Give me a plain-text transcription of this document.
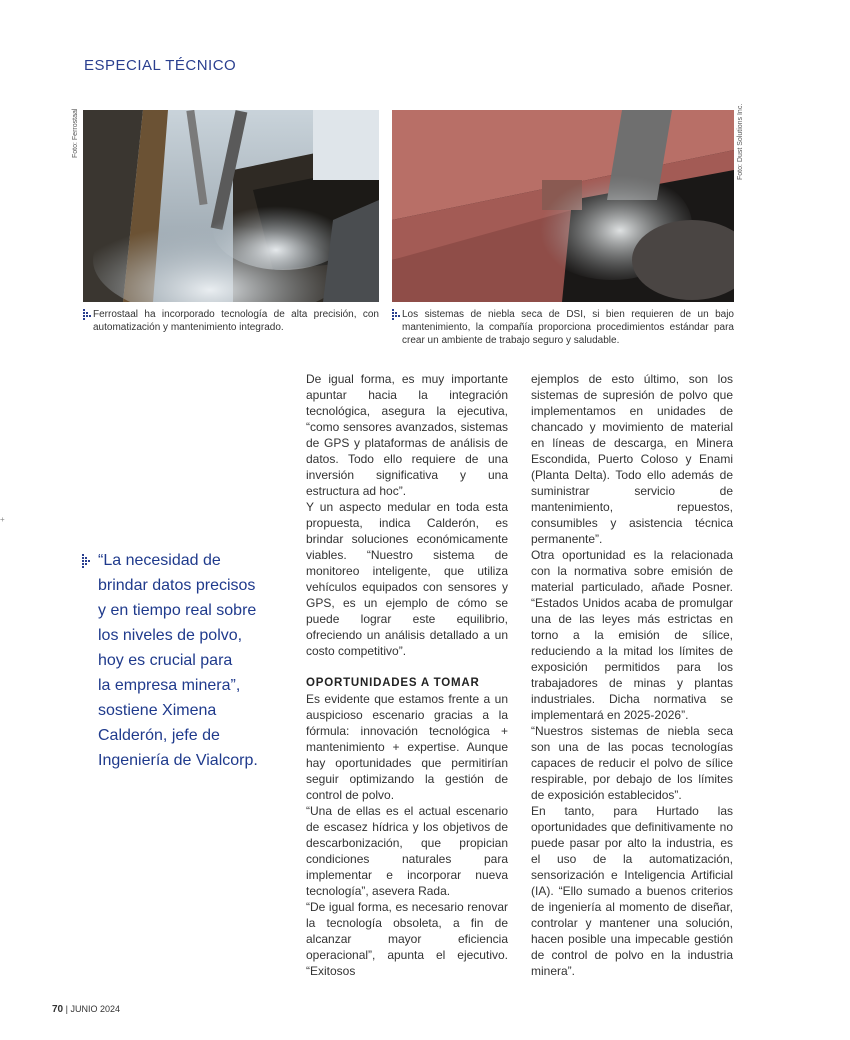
ESPECIAL TÉCNICO
Foto: Ferrostaal	Foto: Dust Solutions Inc.
Ferrostaal ha incorporado tecnología de alta precisión, con automatización y mantenimiento integrado.
Los sistemas de niebla seca de DSI, si bien requieren de un bajo mantenimiento, la compañía proporciona procedimientos estándar para crear un ambiente de trabajo seguro y saludable.
+
“La necesidad de
brindar datos precisos
y en tiempo real sobre
los niveles de polvo,
hoy es crucial para
la empresa minera”,
sostiene Ximena
Calderón, jefe de
Ingeniería de Vialcorp.

De igual forma, es muy importante apuntar hacia la integración tecnológica, asegura la ejecutiva, “como sensores avanzados, sistemas de GPS y plataformas de análisis de datos. Todo ello requiere de una inversión significativa y una estructura ad hoc”.

Y un aspecto medular en toda esta propuesta, indica Calderón, es brindar soluciones económicamente viables. “Nuestro sistema de monitoreo inteligente, que utiliza vehículos equipados con sensores y GPS, es un ejemplo de cómo se puede lograr este equilibrio, ofreciendo un análisis detallado a un costo competitivo”.

OPORTUNIDADES A TOMAR

Es evidente que estamos frente a un auspicioso escenario gracias a la fórmula: innovación tecnológica + mantenimiento + expertise. Aunque hay oportunidades que permitirían seguir optimizando la gestión de control de polvo.

“Una de ellas es el actual escenario de escasez hídrica y los objetivos de descarbonización, que propician condiciones naturales para implementar e incorporar nueva tecnología”, asevera Rada.

“De igual forma, es necesario renovar la tecnología obsoleta, a fin de alcanzar mayor eficiencia operacional”, apunta el ejecutivo. “Exitosos

ejemplos de esto último, son los sistemas de supresión de polvo que implementamos en unidades de chancado y movimiento de material en líneas de descarga, en Minera Escondida, Puerto Coloso y Enami (Planta Delta). Todo ello además de suministrar servicio de mantenimiento, repuestos, consumibles y asistencia técnica permanente”.

Otra oportunidad es la relacionada con la normativa sobre emisión de material particulado, añade Posner. “Estados Unidos acaba de promulgar una de las leyes más estrictas en torno a la emisión de sílice, reduciendo a la mitad los límites de exposición permitidos para los trabajadores de minas y plantas industriales. Dicha normativa se implementará en 2025-2026”.

“Nuestros sistemas de niebla seca son una de las pocas tecnologías capaces de reducir el polvo de sílice respirable, por debajo de los límites de exposición establecidos”.

En tanto, para Hurtado las oportunidades que definitivamente no puede pasar por alto la industria, es el uso de la automatización, sensorización e Inteligencia Artificial (IA). “Ello sumado a buenos criterios de ingeniería al momento de diseñar, controlar y mantener una solución, hacen posible una impecable gestión de control de polvo en la industria minera”.

70 | JUNIO 2024
